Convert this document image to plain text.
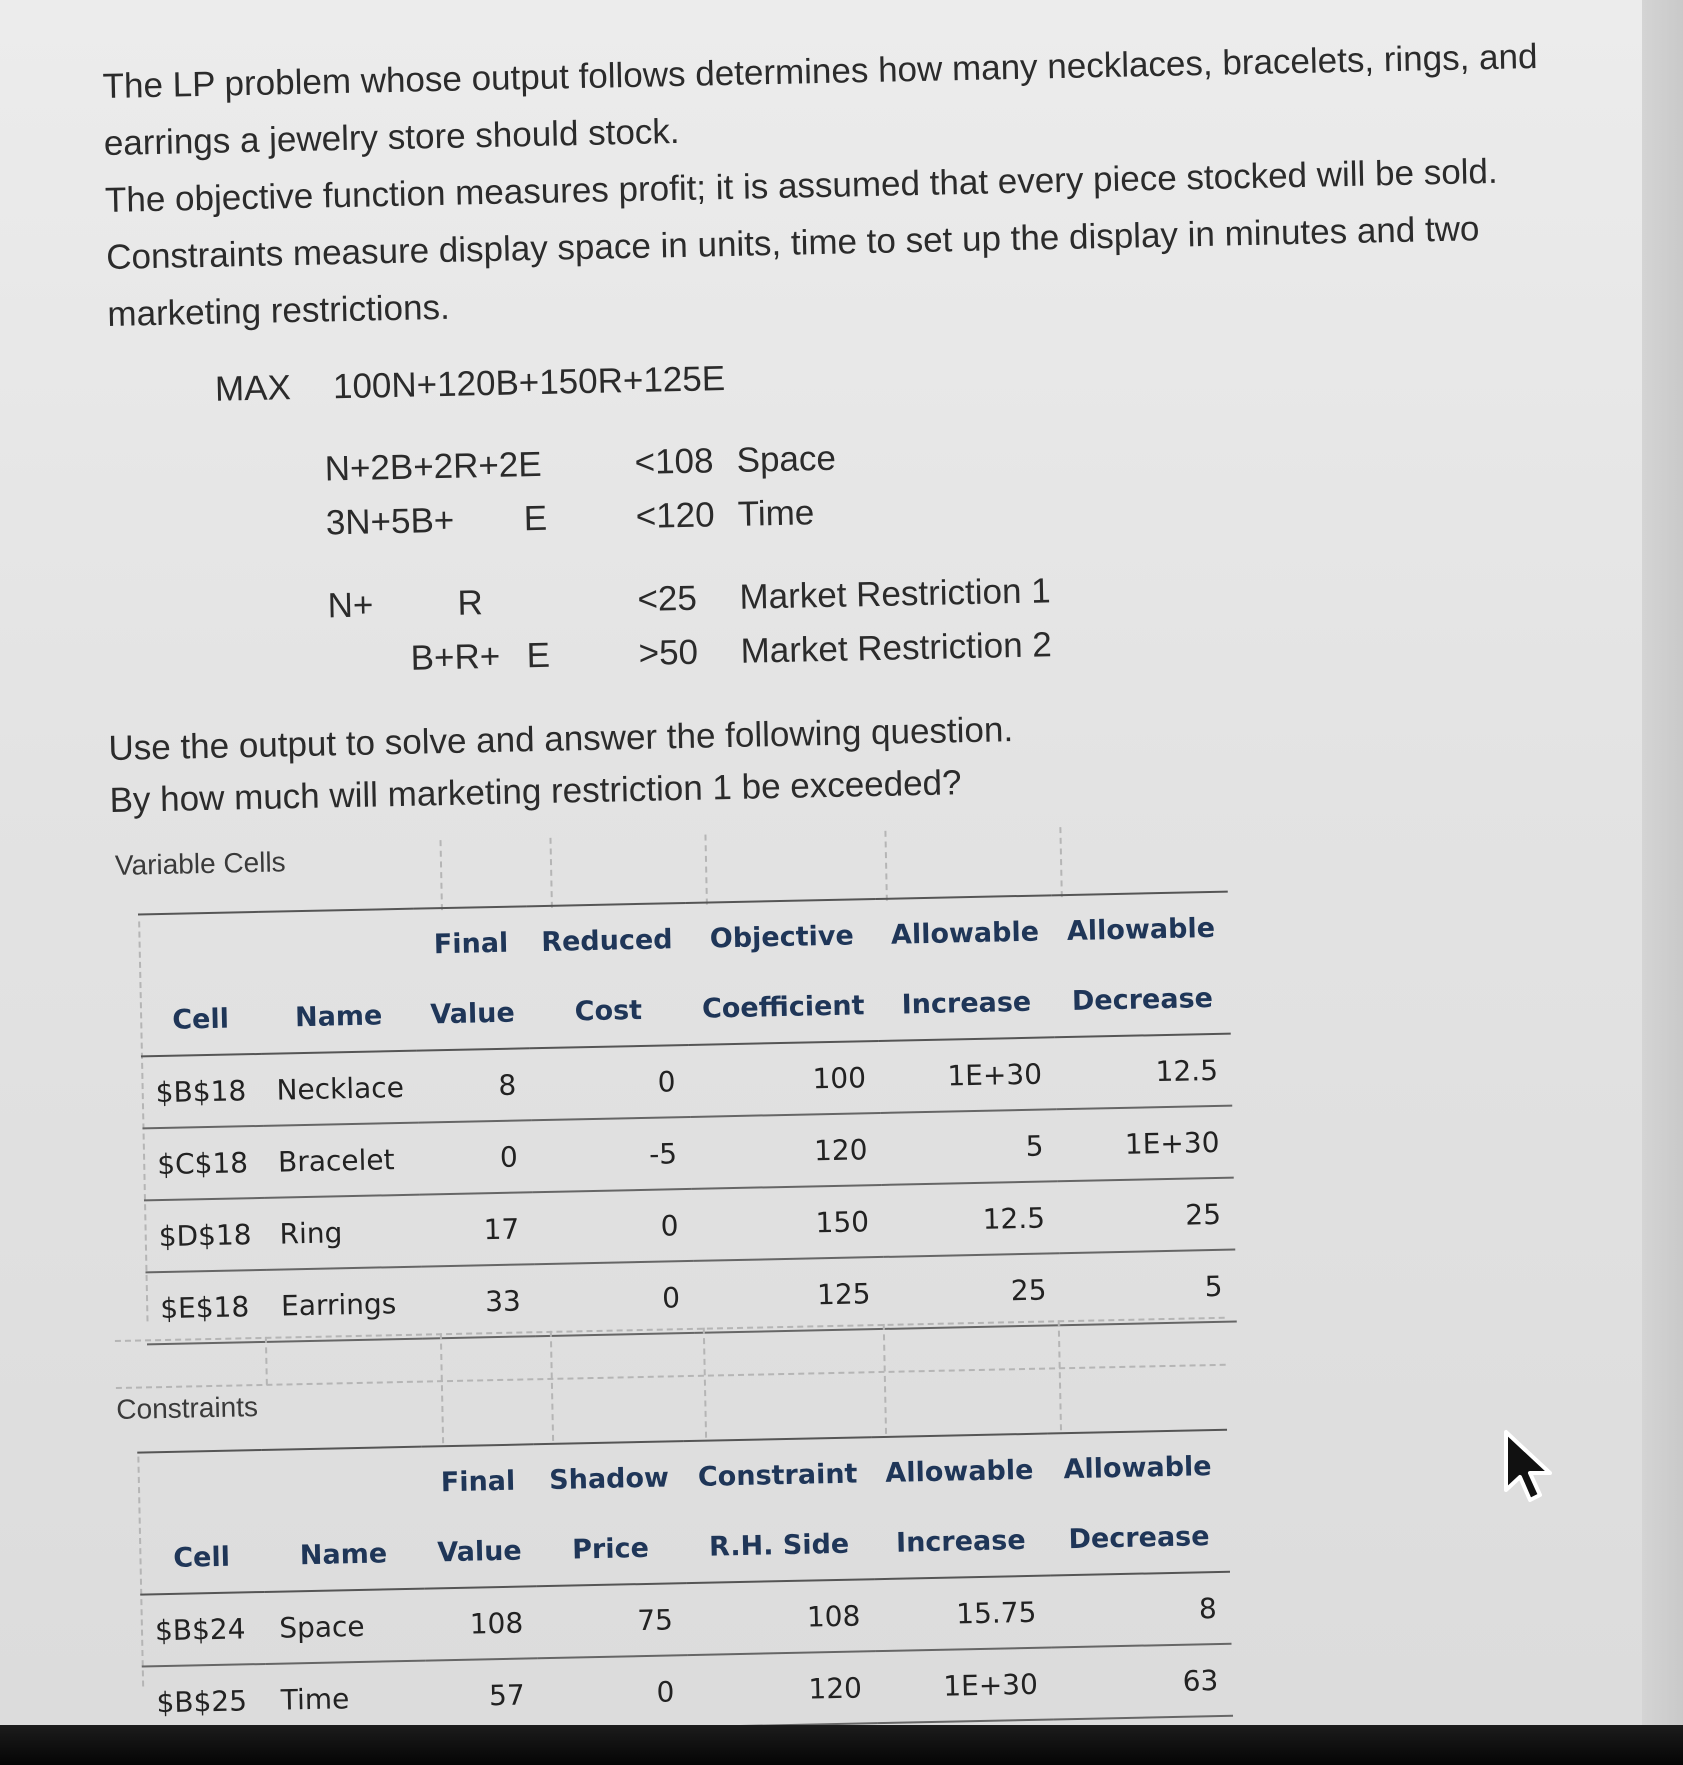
The LP problem whose output follows determines how many necklaces, bracelets, rings, and
earrings a jewelry store should stock.
The objective function measures profit; it is assumed that every piece stocked will be sold.
Constraints measure display space in units, time to set up the display in minutes and two
marketing restrictions.
MAX 100N+120B+150R+125E
N+2B+2R+2E	<108 Space
3N+5B+ E	<120 Time
N+ R	<25 Market Restriction 1
B+R+ E	>50 Market Restriction 2
Use the output to solve and answer the following question.
By how much will marketing restriction 1 be exceeded?
Variable Cells
		Final	Reduced	Objective	Allowable	Allowable
Cell	Name	Value	Cost	Coefficient	Increase	Decrease
$B$18	Necklace	8	0	100	1E+30	12.5
$C$18	Bracelet	0	-5	120	5	1E+30
$D$18	Ring	17	0	150	12.5	25
$E$18	Earrings	33	0	125	25	5
Constraints
		Final	Shadow	Constraint	Allowable	Allowable
Cell	Name	Value	Price	R.H. Side	Increase	Decrease
$B$24	Space	108	75	108	15.75	8
$B$25	Time	57	0	120	1E+30	63
